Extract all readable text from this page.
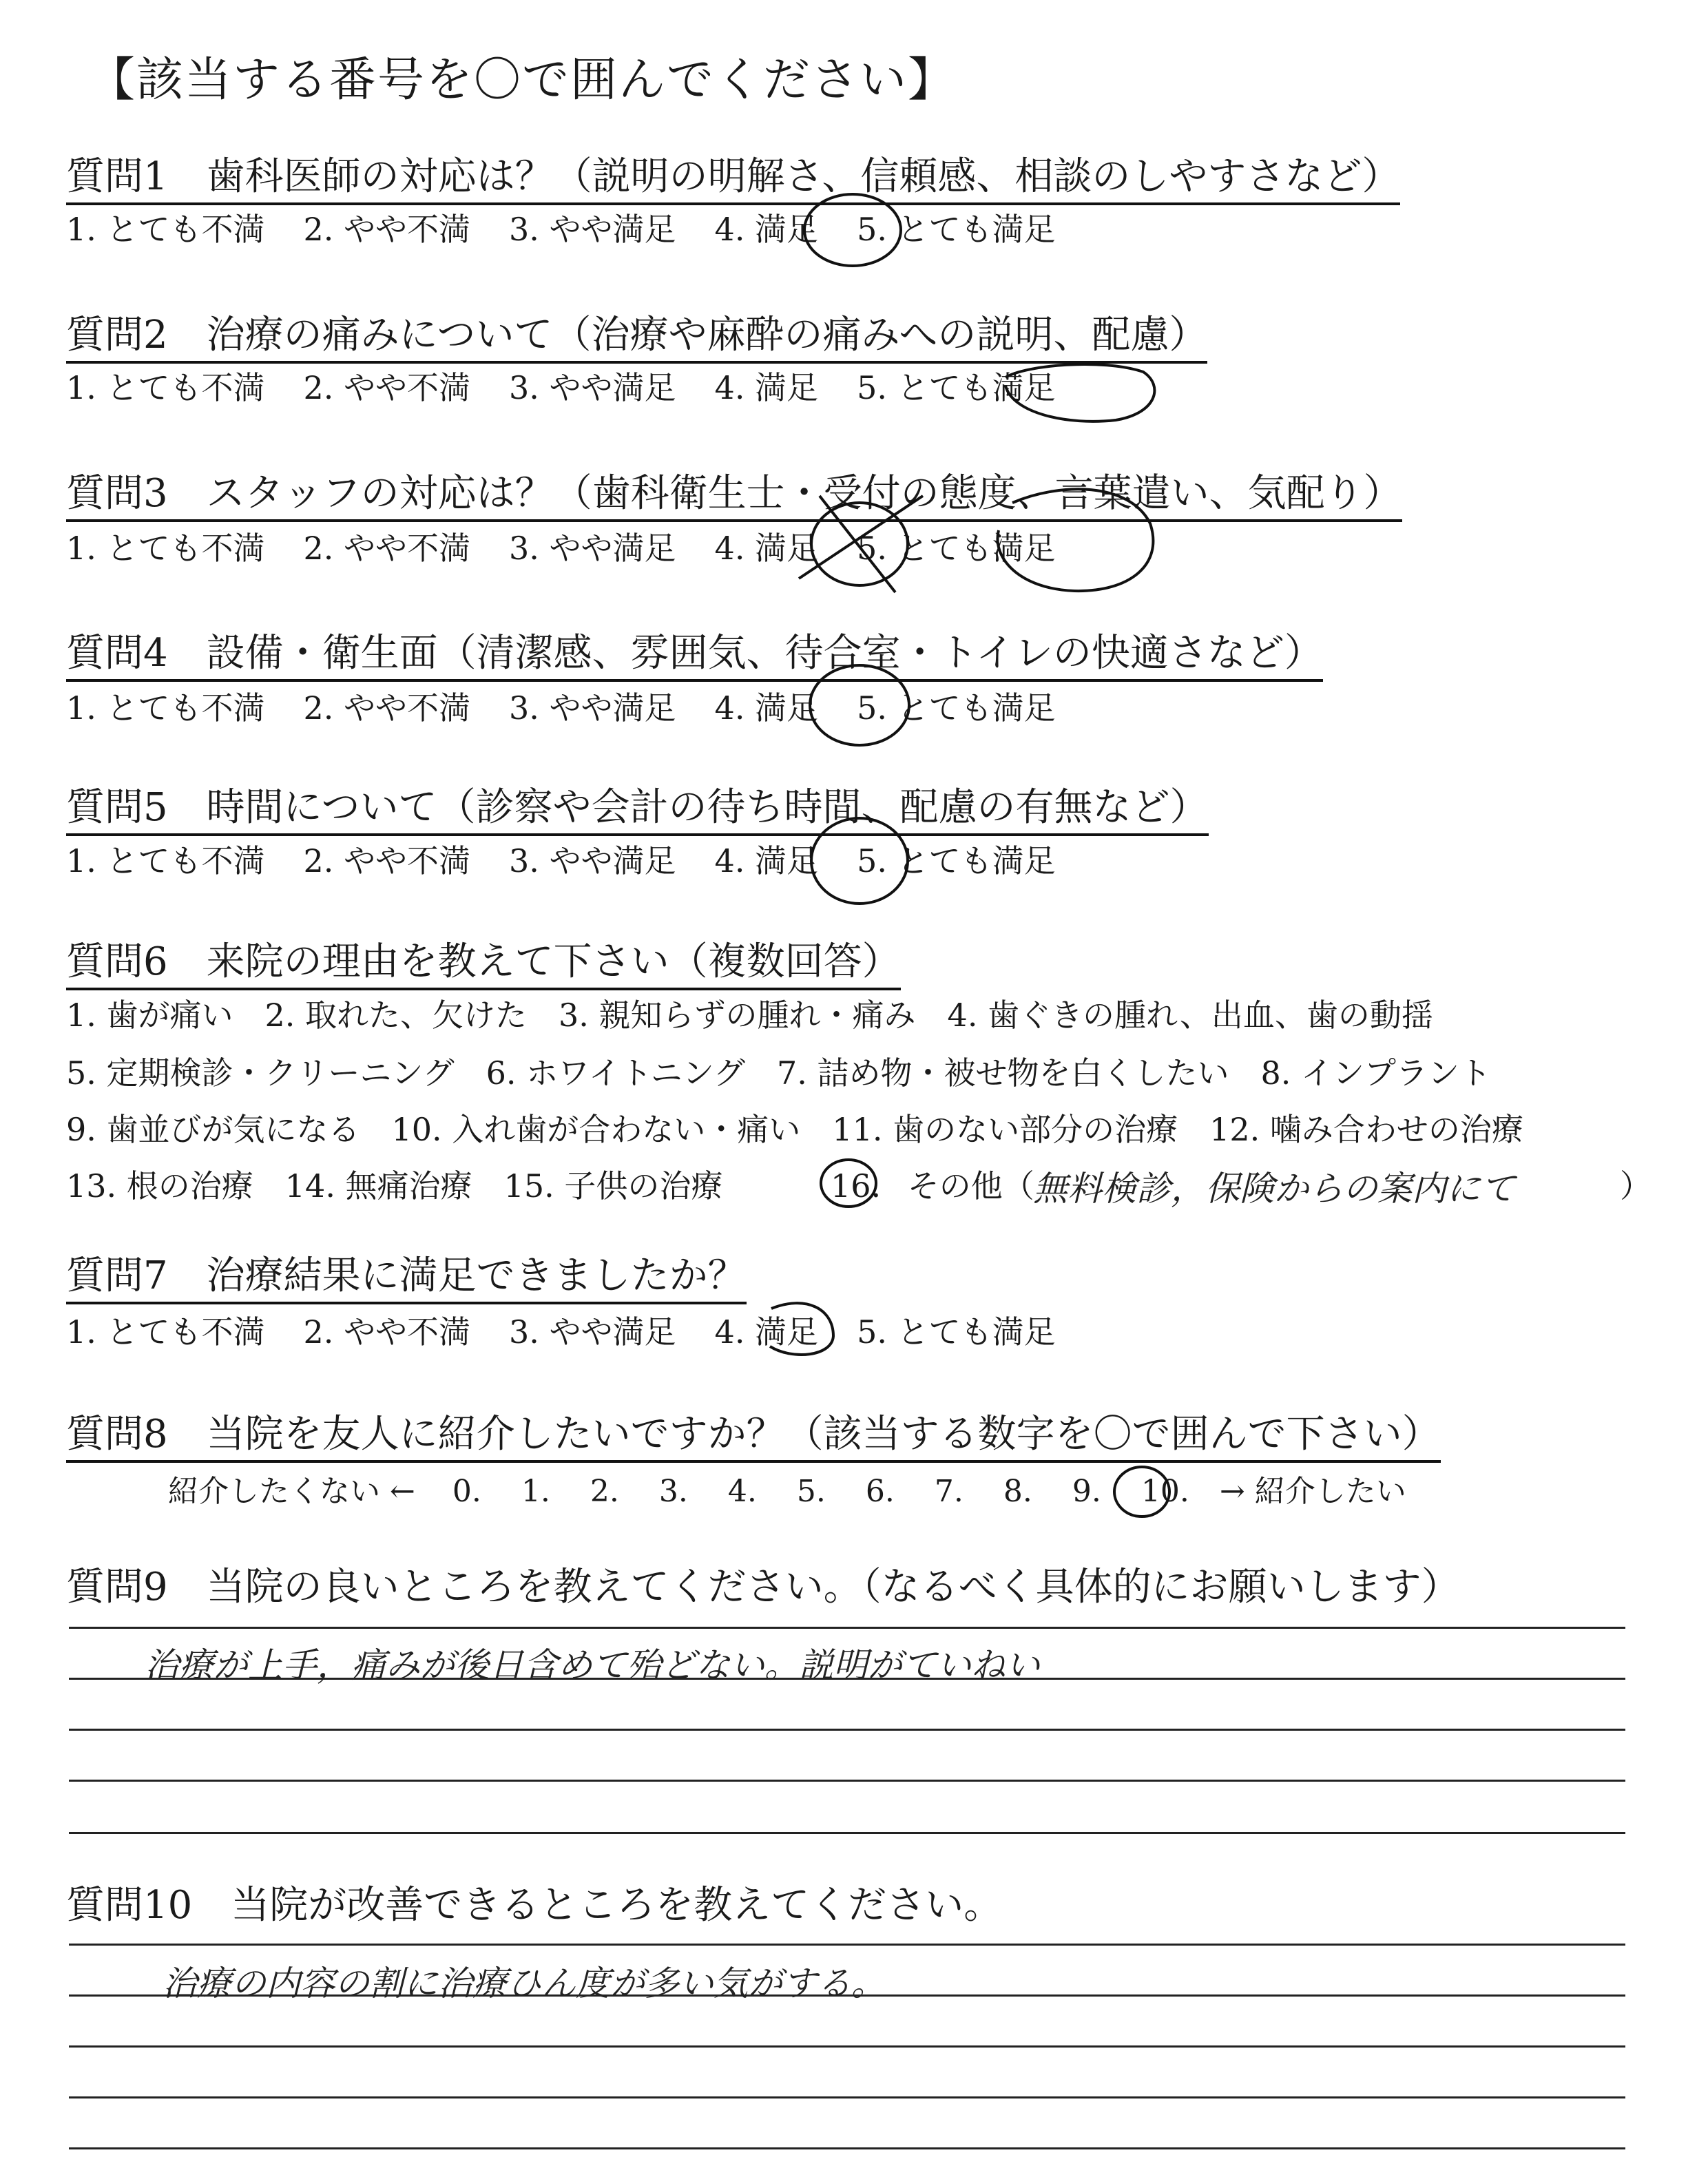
【該当する番号を〇で囲んでください】
質問1　歯科医師の対応は？（説明の明解さ、信頼感、相談のしやすさなど）
1. とても不満 2. やや不満 3. やや満足 4. 満足 5. とても満足
質問2　治療の痛みについて（治療や麻酔の痛みへの説明、配慮）
1. とても不満 2. やや不満 3. やや満足 4. 満足 5. とても満足
質問3　スタッフの対応は？（歯科衛生士・受付の態度、言葉遣い、気配り）
1. とても不満 2. やや不満 3. やや満足 4. 満足 5. とても満足
質問4　設備・衛生面（清潔感、雰囲気、待合室・トイレの快適さなど）
1. とても不満 2. やや不満 3. やや満足 4. 満足 5. とても満足
質問5　時間について（診察や会計の待ち時間、配慮の有無など）
1. とても不満 2. やや不満 3. やや満足 4. 満足 5. とても満足
質問6　来院の理由を教えて下さい（複数回答）
1. 歯が痛い 2. 取れた、欠けた 3. 親知らずの腫れ・痛み 4. 歯ぐきの腫れ、出血、歯の動揺
5. 定期検診・クリーニング 6. ホワイトニング 7. 詰め物・被せ物を白くしたい 8. インプラント
9. 歯並びが気になる 10. 入れ歯が合わない・痛い 11. 歯のない部分の治療 12. 噛み合わせの治療
13. 根の治療 14. 無痛治療 15. 子供の治療	16. その他（
無料検診，保険からの案内にて	）
質問7　治療結果に満足できましたか？
1. とても不満 2. やや不満 3. やや満足 4. 満足 5. とても満足
質問8　当院を友人に紹介したいですか？（該当する数字を〇で囲んで下さい）
紹介したくない ← 0. 1. 2. 3. 4. 5. 6. 7. 8. 9. 10. → 紹介したい
質問9　当院の良いところを教えてください。（なるべく具体的にお願いします）
治療が上手，痛みが後日含めて殆どない。説明がていねい
質問10　当院が改善できるところを教えてください。
治療の内容の割に治療ひん度が多い気がする。
